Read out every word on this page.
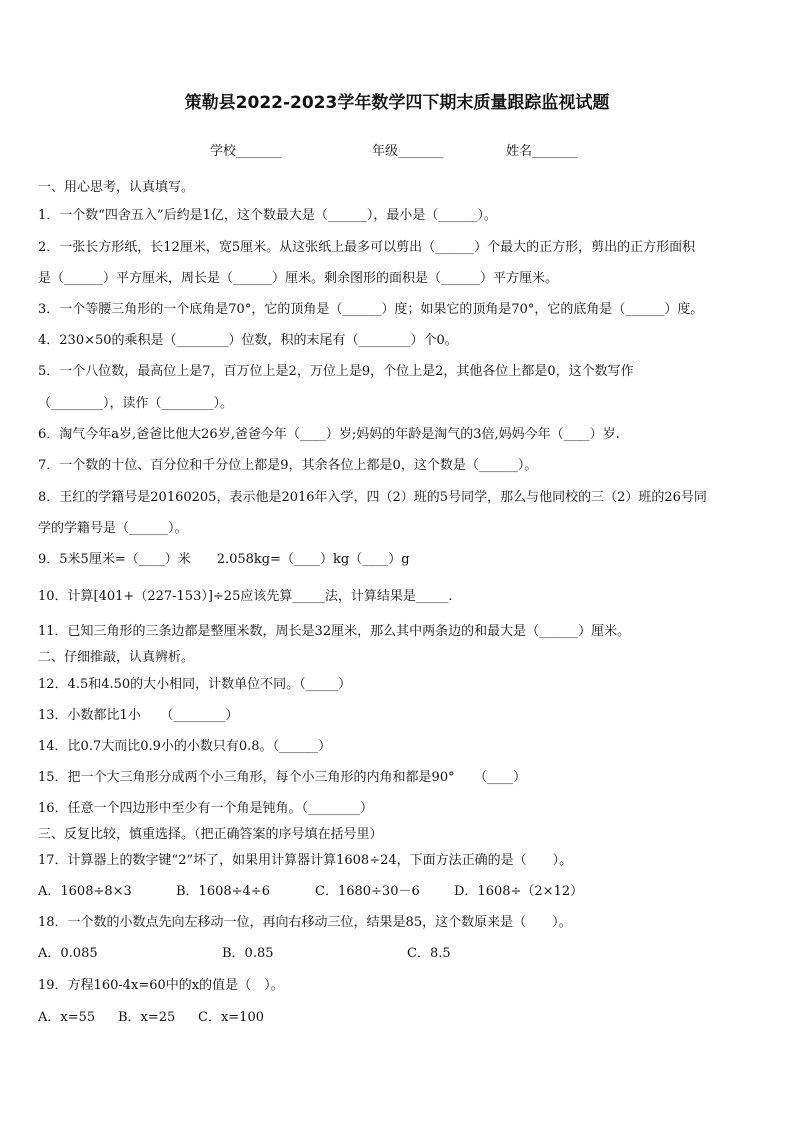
策勒县2022-2023学年数学四下期末质量跟踪监视试题
学校_______	年级_______	姓名_______
一、用心思考，认真填写。
1．一个数“四舍五入”后约是1亿，这个数最大是（______），最小是（______）。
2．一张长方形纸，长12厘米，宽5厘米。从这张纸上最多可以剪出（______）个最大的正方形，剪出的正方形面积
是（______）平方厘米，周长是（______）厘米。剩余图形的面积是（______）平方厘米。
3．一个等腰三角形的一个底角是70°，它的顶角是（______）度；如果它的顶角是70°，它的底角是（______）度。
4．230×50的乘积是（________）位数，积的末尾有（________）个0。
5．一个八位数，最高位上是7，百万位上是2，万位上是9，个位上是2，其他各位上都是0，这个数写作
（________），读作（________）。
6．淘气今年a岁,爸爸比他大26岁,爸爸今年（____）岁;妈妈的年龄是淘气的3倍,妈妈今年（____）岁.
7．一个数的十位、百分位和千分位上都是9，其余各位上都是0，这个数是（______）。
8．王红的学籍号是20160205，表示他是2016年入学，四（2）班的5号同学，那么与他同校的三（2）班的26号同
学的学籍号是（______）。
9．5米5厘米=（____）米　　2.058kg=（____）kg（____）g
10．计算[401+（227-153）]÷25应该先算_____法，计算结果是_____.
11．已知三角形的三条边都是整厘米数，周长是32厘米，那么其中两条边的和最大是（______）厘米。
二、仔细推敲，认真辨析。
12．4.5和4.50的大小相同，计数单位不同。（_____）
13．小数都比1小　　（________）
14．比0.7大而比0.9小的小数只有0.8。（______）
15．把一个大三角形分成两个小三角形，每个小三角形的内角和都是90°　　（____）
16．任意一个四边形中至少有一个角是钝角。（________）
三、反复比较，慎重选择。（把正确答案的序号填在括号里）
17．计算器上的数字键“2”坏了，如果用计算器计算1608÷24，下面方法正确的是（　　）。
A．1608÷8×3	B．1608÷4÷6	C．1680÷30－6	D．1608÷（2×12）
18．一个数的小数点先向左移动一位，再向右移动三位，结果是85，这个数原来是（　　）。
A．0.085	B．0.85	C．8.5
19．方程160-4x=60中的x的值是（　）。
A．x=55 B．x=25 C．x=100
